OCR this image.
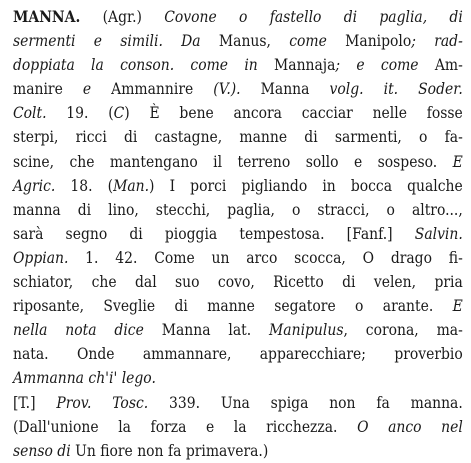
MANNA. (Agr.) Covone o fastello di paglia, di
sermenti e simili. Da Manus, come Manipolo; rad-
doppiata la conson. come in Mannaja; e come Am-
manire e Ammannire (V.). Manna volg. it. Soder.
Colt. 19. (C) È bene ancora cacciar nelle fosse
sterpi, ricci di castagne, manne di sarmenti, o fa-
scine, che mantengano il terreno sollo e sospeso. E
Agric. 18. (Man.) I porci pigliando in bocca qualche
manna di lino, stecchi, paglia, o stracci, o altro...,
sarà segno di pioggia tempestosa. [Fanf.] Salvin.
Oppian. 1. 42. Come un arco scocca, O drago fi-
schiator, che dal suo covo, Ricetto di velen, pria
riposante, Sveglie di manne segatore o arante. E
nella nota dice Manna lat. Manipulus, corona, ma-
nata. Onde ammannare, apparecchiare; proverbio
Ammanna ch'i' lego.
[T.] Prov. Tosc. 339. Una spiga non fa manna.
(Dall'unione la forza e la ricchezza. O anco nel
senso di Un fiore non fa primavera.)
